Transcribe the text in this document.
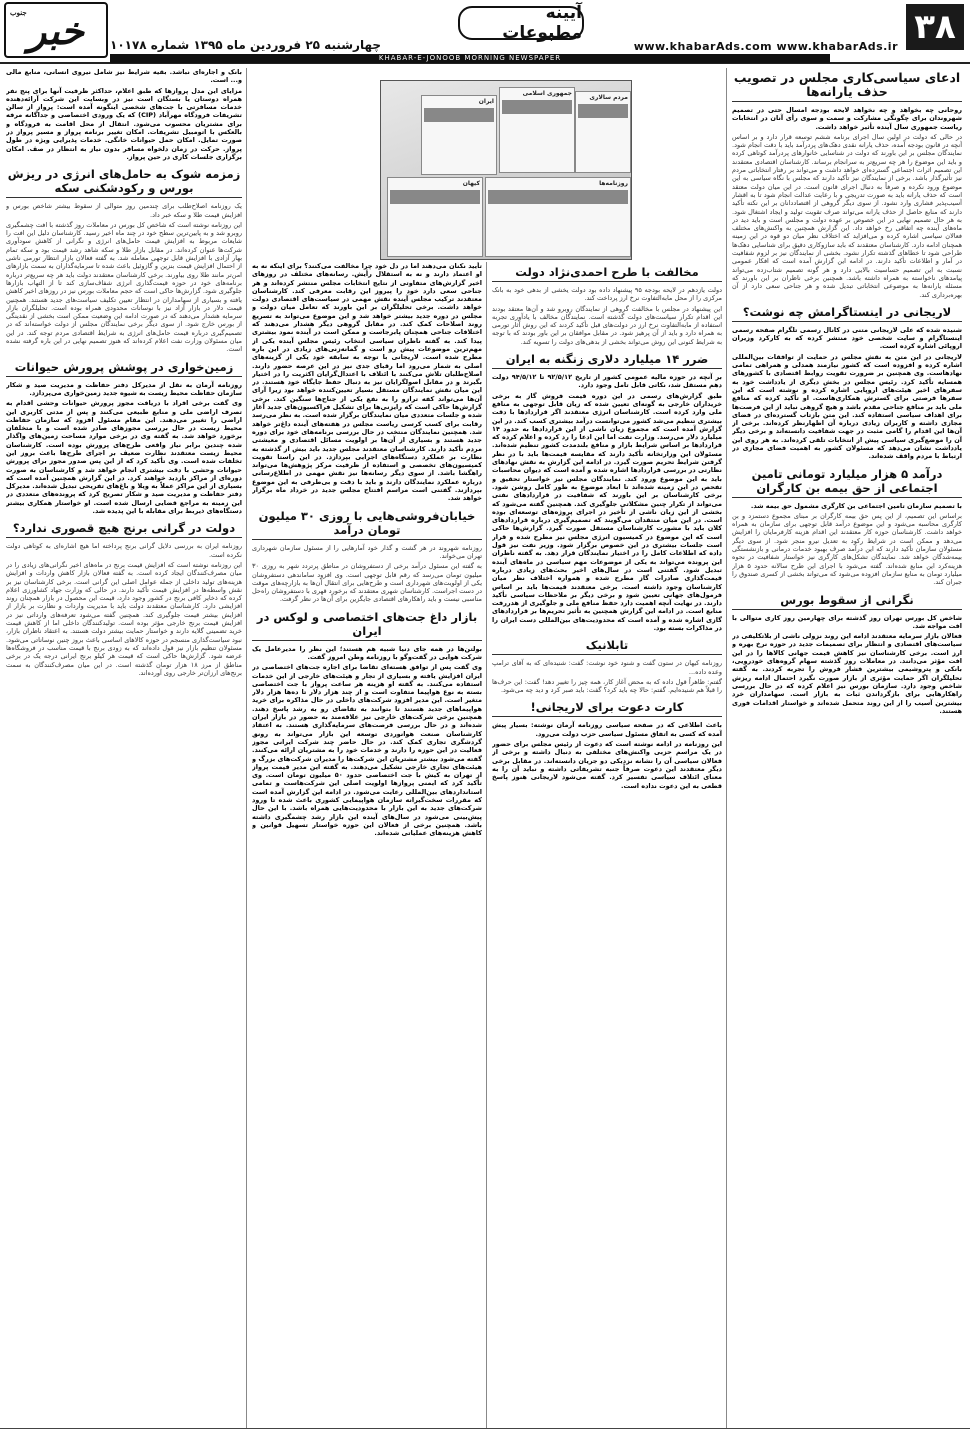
۳۸
www.khabarAds.com www.khabarAds.ir
آیینه مطبوعات
چهارشنبه ۲۵ فروردین ماه ۱۳۹۵ شماره ۱۰۱۷۸
جنوب خبر
KHABAR-E-JONOOB MORNING NEWSPAPER
ادعای سیاسی‌کاری مجلس در تصویب حذف یارانه‌ها

روحانی چه بخواهد و چه نخواهد لایحه بودجه امسال حتی در تصمیم شهروندان برای چگونگی مشارکت و سمت و سوی رأی آنان در انتخابات ریاست جمهوری سال آینده تأثیر خواهد داشت.

در حالی که دولت در اولین سال اجرای برنامه ششم توسعه قرار دارد و بر اساس آنچه در قانون بودجه آمده، حذف یارانه نقدی دهک‌های پردرآمد باید با دقت انجام شود. نمایندگان مجلس بر این باورند که دولت در شناسایی خانوارهای پردرآمد کوتاهی کرده و باید این موضوع را هر چه سریع‌تر به سرانجام برساند. کارشناسان اقتصادی معتقدند این تصمیم اثرات اجتماعی گسترده‌ای خواهد داشت و می‌تواند بر رفتار انتخاباتی مردم نیز تأثیرگذار باشد. برخی از نمایندگان نیز تأکید دارند که مجلس با نگاه سیاسی به این موضوع ورود نکرده و صرفاً به دنبال اجرای قانون است. در این میان دولت معتقد است که حذف یارانه باید به صورت تدریجی و با رعایت عدالت انجام شود تا به اقشار آسیب‌پذیر فشاری وارد نشود. از سوی دیگر گروهی از اقتصاددانان بر این نکته تأکید دارند که منابع حاصل از حذف یارانه می‌تواند صرف تقویت تولید و ایجاد اشتغال شود. به هر حال تصمیم نهایی در این خصوص بر عهده دولت و مجلس است و باید دید در ماه‌های آینده چه اتفاقی رخ خواهد داد. این گزارش همچنین به واکنش‌های مختلف فعالان سیاسی اشاره کرده و می‌افزاید که اختلاف نظر میان دو قوه در این زمینه همچنان ادامه دارد. کارشناسان معتقدند که باید سازوکاری دقیق برای شناسایی دهک‌ها طراحی شود تا خطاهای گذشته تکرار نشود. بخشی از نمایندگان نیز بر لزوم شفافیت در آمار و اطلاعات تأکید دارند. در ادامه این گزارش آمده است که افکار عمومی نسبت به این تصمیم حساسیت بالایی دارد و هر گونه تصمیم شتاب‌زده می‌تواند پیامدهای ناخواسته به همراه داشته باشد. همچنین برخی ناظران بر این باورند که مسئله یارانه‌ها به موضوعی انتخاباتی تبدیل شده و هر جناحی سعی دارد از آن بهره‌برداری کند.

لاریجانی در اینستاگرامش چه نوشت؟

شنیده شده که علی لاریجانی متنی در کانال رسمی تلگرام صفحه رسمی اینستاگرام و سایت شخصی خود منتشر کرده که به کارکرد وزیران اروپائی اشاره کرده است.

لاریجانی در این متن به نقش مجلس در حمایت از توافقات بین‌المللی اشاره کرده و افزوده است که کشور نیازمند همدلی و همراهی تمامی نهادهاست. وی همچنین بر ضرورت تقویت روابط اقتصادی با کشورهای همسایه تأکید کرد. رئیس مجلس در بخش دیگری از یادداشت خود به سفرهای اخیر هیئت‌های اروپایی اشاره کرده و نوشته است که این سفرها فرصتی برای گسترش همکاری‌هاست. او تأکید کرده که منافع ملی باید بر منافع جناحی مقدم باشد و هیچ گروهی نباید از این فرصت‌ها برای اهداف سیاسی استفاده کند. این متن بازتاب گسترده‌ای در فضای مجازی داشته و کاربران زیادی درباره آن اظهارنظر کرده‌اند. برخی از آن‌ها این اقدام را گامی مثبت در جهت شفافیت دانسته‌اند و برخی دیگر آن را موضع‌گیری سیاسی پیش از انتخابات تلقی کرده‌اند. به هر روی این یادداشت نشان می‌دهد که مسئولان کشور به اهمیت فضای مجازی در ارتباط با مردم واقف شده‌اند.

درآمد ۵ هزار میلیارد تومانی تامین اجتماعی از حق بیمه بن کارگران

با تصمیم سازمان تامین اجتماعی بن کارگری مشمول حق بیمه شد.

براساس این تصمیم، از این پس حق بیمه کارگران بر مبنای مجموع دستمزد و بن کارگری محاسبه می‌شود و این موضوع درآمد قابل توجهی برای سازمان به همراه خواهد داشت. کارشناسان حوزه کار معتقدند این اقدام هزینه کارفرمایان را افزایش می‌دهد و ممکن است در شرایط رکود به تعدیل نیرو منجر شود. از سوی دیگر مسئولان سازمان تأکید دارند که این درآمد صرف بهبود خدمات درمانی و بازنشستگی بیمه‌شدگان خواهد شد. نمایندگان تشکل‌های کارگری نیز خواستار شفافیت در نحوه هزینه‌کرد این منابع شده‌اند. گفته می‌شود با اجرای این طرح سالانه حدود ۵ هزار میلیارد تومان به منابع سازمان افزوده می‌شود که می‌تواند بخشی از کسری صندوق را جبران کند.

نگرانی از سقوط بورس

شاخص کل بورس تهران روز گذشته برای چهارمین روز کاری متوالی با افت مواجه شد.

فعالان بازار سرمایه معتقدند ادامه این روند نزولی ناشی از بلاتکلیفی در سیاست‌های اقتصادی و انتظار برای تصمیمات جدید در حوزه نرخ بهره و ارز است. برخی کارشناسان نیز کاهش قیمت جهانی کالاها را در این افت مؤثر می‌دانند. در معاملات روز گذشته سهام گروه‌های خودرویی، بانکی و پتروشیمی بیشترین فشار فروش را تجربه کردند. به گفته تحلیلگران اگر حمایت مؤثری از بازار صورت نگیرد احتمال ادامه ریزش شاخص وجود دارد. سازمان بورس نیز اعلام کرده که در حال بررسی راهکارهایی برای بازگرداندن ثبات به بازار است. سهامداران خرد بیشترین آسیب را از این روند متحمل شده‌اند و خواستار اقدامات فوری هستند.

مخالفت با طرح احمدی‌نژاد دولت

دولت یازدهم در لایحه بودجه ۹۵ پیشنهاد داده بود دولت یخشی از بدهی خود به بانک مرکزی را از محل مابه‌التفاوت نرخ ارز پرداخت کند.

این پیشنهاد در مجلس با مخالفت گروهی از نمایندگان روبرو شد و آن‌ها معتقد بودند این اقدام تکرار سیاست‌های دولت گذشته است. نمایندگان مخالف با یادآوری تجربه استفاده از مابه‌التفاوت نرخ ارز در دولت‌های قبل تأکید کردند که این روش آثار تورمی به همراه دارد و باید از آن پرهیز شود. در مقابل موافقان بر این باور بودند که با توجه به شرایط کنونی این روش می‌تواند بخشی از بدهی‌های دولت را تسویه کند.

ضرر ۱۴ میلیارد دلاری زنگنه به ایران

بر آنچه در حوزه مالیه عمومی کشور از تاریخ ۹۲/۵/۱۲ تا ۹۴/۵/۱۲ دولت دهم مستقل شد، نکاتی قابل تامل وجود دارد.

طبق گزارش‌های رسمی در این دوره قیمت فروش گاز به برخی خریداران خارجی به گونه‌ای تعیین شده که زیان قابل توجهی به منافع ملی وارد کرده است. کارشناسان انرژی معتقدند اگر قراردادها با دقت بیشتری تنظیم می‌شد کشور می‌توانست درآمد بیشتری کسب کند. در این گزارش آمده است که مجموع زیان ناشی از این قراردادها به حدود ۱۴ میلیارد دلار می‌رسد. وزارت نفت اما این ادعا را رد کرده و اعلام کرده که قراردادها بر اساس شرایط بازار و منافع بلندمدت کشور تنظیم شده‌اند. مسئولان این وزارتخانه تأکید دارند که مقایسه قیمت‌ها باید با در نظر گرفتن شرایط تحریم صورت گیرد. در ادامه این گزارش به نقش نهادهای نظارتی در بررسی قراردادها اشاره شده و آمده است که دیوان محاسبات باید به این موضوع ورود کند. نمایندگان مجلس نیز خواستار تحقیق و تفحص در این زمینه شده‌اند تا ابعاد موضوع به طور کامل روشن شود. برخی کارشناسان بر این باورند که شفافیت در قراردادهای نفتی می‌تواند از تکرار چنین مشکلاتی جلوگیری کند. همچنین گفته می‌شود که بخشی از این زیان ناشی از تأخیر در اجرای پروژه‌های توسعه‌ای بوده است. در این میان منتقدان می‌گویند که تصمیم‌گیری درباره قراردادهای کلان باید با مشورت کارشناسان مستقل صورت گیرد. گزارش‌ها حاکی است که این موضوع در کمیسیون انرژی مجلس نیز مطرح شده و قرار است جلسات بیشتری در این خصوص برگزار شود. وزیر نفت نیز قول داده که اطلاعات کامل را در اختیار نمایندگان قرار دهد. به گفته ناظران این پرونده می‌تواند به یکی از موضوعات مهم سیاسی در ماه‌های آینده تبدیل شود. گفتنی است در سال‌های اخیر بحث‌های زیادی درباره قیمت‌گذاری صادرات گاز مطرح شده و همواره اختلاف نظر میان کارشناسان وجود داشته است. برخی معتقدند قیمت‌ها باید بر اساس فرمول‌های جهانی تعیین شود و برخی دیگر بر ملاحظات سیاسی تأکید دارند. در نهایت آنچه اهمیت دارد حفظ منافع ملی و جلوگیری از هدررفت منابع است. در ادامه این گزارش همچنین به تأثیر تحریم‌ها بر قراردادهای گازی اشاره شده و آمده است که محدودیت‌های بین‌المللی دست ایران را در مذاکرات بسته بود.

تابلانیک

روزنامه کیهان در ستون گفت و شنود خود نوشت: گفت: شنیده‌ای که به آقای ترامپ وعده داده...

گفتم: ظاهراً قول داده که به محض آغاز کار، همه چیز را تغییر دهد! گفت: این حرف‌ها را قبلاً هم شنیده‌ایم. گفتم: حالا چه باید کرد؟ گفت: باید صبر کرد و دید چه می‌شود.

کارت دعوت برای لاریجانی!

باعث اطلاعی که در صفحه سیاسی روزنامه آرمان نوشته: بسیار پیش آمده که کسی به اتفاق مسئول سیاسی حزب دولت می‌رود.

این روزنامه در ادامه نوشته است که دعوت از رئیس مجلس برای حضور در یک مراسم حزبی واکنش‌های مختلفی به دنبال داشته و برخی از فعالان سیاسی آن را نشانه نزدیکی دو جریان دانسته‌اند. در مقابل برخی دیگر معتقدند این دعوت صرفاً جنبه تشریفاتی داشته و نباید آن را به معنای ائتلاف سیاسی تفسیر کرد. گفته می‌شود لاریجانی هنوز پاسخ قطعی به این دعوت نداده است.

جمهوری اسلامی
ایران
مردم سالاری
کیهان	روزنامه‌ها

تأیید نکنان می‌دهند اما در دل خود چرا مخالفت می‌کنند؟ برای اینکه نه به او اعتماد دارند و نه به استقلال رأیش. رسانه‌های مختلف در روزهای اخیر گزارش‌های متفاوتی از نتایج انتخابات مجلس منتشر کرده‌اند و هر جناحی سعی دارد خود را پیروز این رقابت معرفی کند. کارشناسان معتقدند ترکیب مجلس آینده نقش مهمی در سیاست‌های اقتصادی دولت خواهد داشت. برخی تحلیلگران بر این باورند که تعامل میان دولت و مجلس در دوره جدید بیشتر خواهد شد و این موضوع می‌تواند به تسریع روند اصلاحات کمک کند. در مقابل گروهی دیگر هشدار می‌دهند که اختلافات جناحی همچنان پابرجاست و ممکن است در آینده نمود بیشتری پیدا کند. به گفته ناظران سیاسی انتخاب رئیس مجلس آینده یکی از مهم‌ترین موضوعات پیش رو است و گمانه‌زنی‌های زیادی در این باره مطرح شده است. لاریجانی با توجه به سابقه خود یکی از گزینه‌های اصلی به شمار می‌رود اما رقبای جدی نیز در این عرصه حضور دارند. اصلاح‌طلبان تلاش می‌کنند با ائتلاف با اعتدال‌گرایان اکثریت را در اختیار بگیرند و در مقابل اصولگرایان نیز به دنبال حفظ جایگاه خود هستند. در این میان نقش نمایندگان مستقل بسیار تعیین‌کننده خواهد بود زیرا آرای آن‌ها می‌تواند کفه ترازو را به نفع یکی از جناح‌ها سنگین کند. برخی گزارش‌ها حاکی است که رایزنی‌ها برای تشکیل فراکسیون‌های جدید آغاز شده و جلسات متعددی میان نمایندگان برگزار شده است. به نظر می‌رسد رقابت برای کسب کرسی ریاست مجلس در هفته‌های آینده داغ‌تر خواهد شد. همچنین نمایندگان منتخب در حال بررسی برنامه‌های خود برای دوره جدید هستند و بسیاری از آن‌ها بر اولویت مسائل اقتصادی و معیشتی مردم تأکید دارند. کارشناسان معتقدند مجلس جدید باید بیش از گذشته به نظارت بر عملکرد دستگاه‌های اجرایی بپردازد. در این راستا تقویت کمیسیون‌های تخصصی و استفاده از ظرفیت مرکز پژوهش‌ها می‌تواند راهگشا باشد. از سوی دیگر رسانه‌ها نیز نقش مهمی در اطلاع‌رسانی درباره عملکرد نمایندگان دارند و باید با دقت و بی‌طرفی به این موضوع بپردازند. گفتنی است مراسم افتتاح مجلس جدید در خرداد ماه برگزار خواهد شد.

خیابان‌فروشی‌هایی با روزی ۳۰ میلیون تومان درآمد

روزنامه شهروند در هر گشت و گذار خود آمارهایی را از مسئول سازمان شهرداری تهران می‌خواند.

به گفته این مسئول درآمد برخی از دستفروشان در مناطق پرتردد شهر به روزی ۳۰ میلیون تومان می‌رسد که رقم قابل توجهی است. وی افزود ساماندهی دستفروشان یکی از اولویت‌های شهرداری است و طرح‌هایی برای انتقال آن‌ها به بازارچه‌های موقت در دست اجراست. کارشناسان شهری معتقدند که برخورد قهری با دستفروشان راه‌حل مناسبی نیست و باید راهکارهای اقتصادی جایگزین برای آن‌ها در نظر گرفت.

بازار داغ جت‌های اختصاصی و لوکس در ایران

بولتن‌ها در همه جای دنیا شبیه هم هستند؛ این نظر را مدیرعامل یک شرکت هوایی در گفت‌وگو با روزنامه وطن امروز گفت.

وی گفت پس از توافق هسته‌ای تقاضا برای اجاره جت‌های اختصاصی در ایران افزایش یافته و بسیاری از تجار و هیئت‌های خارجی از این خدمات استفاده می‌کنند. به گفته او هزینه هر ساعت پرواز با جت اختصاصی بسته به نوع هواپیما متفاوت است و از چند هزار دلار تا ده‌ها هزار دلار متغیر است. این مدیر افزود شرکت‌های داخلی در حال مذاکره برای خرید هواپیماهای جدید هستند تا بتوانند به تقاضای رو به رشد پاسخ دهند. همچنین برخی شرکت‌های خارجی نیز علاقه‌مند به حضور در بازار ایران شده‌اند و در حال بررسی فرصت‌های سرمایه‌گذاری هستند. به اعتقاد کارشناسان صنعت هوانوردی توسعه این بازار می‌تواند به رونق گردشگری تجاری کمک کند. در حال حاضر چند شرکت ایرانی مجوز فعالیت در این حوزه را دارند و خدمات خود را به مشتریان ارائه می‌کنند. گفته می‌شود بیشتر مشتریان این شرکت‌ها را مدیران شرکت‌های بزرگ و هیئت‌های تجاری خارجی تشکیل می‌دهند. به گفته این مدیر قیمت پرواز از تهران به کیش با جت اختصاصی حدود ۵۰ میلیون تومان است. وی تأکید کرد که ایمنی پروازها اولویت اصلی این شرکت‌هاست و تمامی استانداردهای بین‌المللی رعایت می‌شود. در ادامه این گزارش آمده است که مقررات سخت‌گیرانه سازمان هواپیمایی کشوری باعث شده تا ورود شرکت‌های جدید به این بازار با محدودیت‌هایی همراه باشد. با این حال پیش‌بینی می‌شود در سال‌های آینده این بازار رشد چشمگیری داشته باشد. همچنین برخی از فعالان این حوزه خواستار تسهیل قوانین و کاهش هزینه‌های عملیاتی شده‌اند.

بانک و اجاره‌ای نباشد. بقیه شرایط نیز شامل نیروی انسانی، منابع مالی و... است.

مزایای این مدل پروازها که طبق اعلام، حداکثر ظرفیت آنها برای پنج نفر همراه دوستان یا بستگان است نیز در وبسایت این شرکت آرائه‌دهنده خدمات مسافرتی با جت‌های شخصی اینگونه آمده است: پرواز از سالن تشریفات فرودگاه مهرآباد (CIP) که یک ورودی اختصاصی و جداگانه مرفه برای مشتریان محسوب می‌شود. انتقال از محل اقامت به فرودگاه و بالعکس با اتومبیل تشریفات. امکان تغییر برنامه پرواز و مسیر پرواز در صورت تمایل. امکان حمل حیوانات خانگی. خدمات پذیرایی ویژه در طول پرواز. حرکت در زمان دلخواه مسافر بدون نیاز به انتظار در صف. امکان برگزاری جلسات کاری در حین پرواز.

زمزمه شوک به حامل‌های انرژی در ریزش بورس و رکودشکنی سکه

یک روزنامه اصلاح‌طلب برای چندمین روز متوالی از سقوط بیشتر شاخص بورس و افزایش قیمت طلا و سکه خبر داد.

این روزنامه نوشته است که شاخص کل بورس در معاملات روز گذشته با افت چشمگیری روبرو شد و به پایین‌ترین سطح خود در چند ماه اخیر رسید. کارشناسان دلیل این افت را شایعات مربوط به افزایش قیمت حامل‌های انرژی و نگرانی از کاهش سودآوری شرکت‌ها عنوان کرده‌اند. در مقابل بازار طلا و سکه شاهد رشد قیمت بود و سکه تمام بهار آزادی با افزایش قابل توجهی معامله شد. به گفته فعالان بازار انتظار تورمی ناشی از احتمال افزایش قیمت بنزین و گازوئیل باعث شده تا سرمایه‌گذاران به سمت بازارهای امن‌تر مانند طلا روی بیاورند. برخی کارشناسان معتقدند دولت باید هر چه سریع‌تر درباره برنامه‌های خود در حوزه قیمت‌گذاری انرژی شفاف‌سازی کند تا از التهاب بازارها جلوگیری شود. گزارش‌ها حاکی است که حجم معاملات بورس نیز در روزهای اخیر کاهش یافته و بسیاری از سهامداران در انتظار تعیین تکلیف سیاست‌های جدید هستند. همچنین قیمت دلار در بازار آزاد نیز با نوسانات محدودی همراه بوده است. تحلیلگران بازار سرمایه هشدار می‌دهند که در صورت ادامه این وضعیت ممکن است بخشی از نقدینگی از بورس خارج شود. از سوی دیگر برخی نمایندگان مجلس از دولت خواسته‌اند که در تصمیم‌گیری درباره قیمت حامل‌های انرژی به شرایط اقتصادی مردم توجه کند. در این میان مسئولان وزارت نفت اعلام کرده‌اند که هنوز تصمیم نهایی در این باره گرفته نشده است.

زمین‌خواری در پوشش پرورش حیوانات

روزنامه آرمان به نقل از مدیرکل دفتر حفاظت و مدیریت صید و شکار سازمان حفاظت محیط زیست به شیوه جدید زمین‌خواری می‌پردازد.

وی گفت برخی افراد با دریافت مجوز پرورش حیوانات وحشی اقدام به تصرف اراضی ملی و منابع طبیعی می‌کنند و پس از مدتی کاربری این اراضی را تغییر می‌دهند. این مقام مسئول افزود که سازمان حفاظت محیط زیست در حال بررسی مجوزهای صادر شده است و با متخلفان برخورد خواهد شد. به گفته وی در برخی موارد مساحت زمین‌های واگذار شده چندین برابر نیاز واقعی طرح‌های پرورش بوده است. کارشناسان محیط زیست معتقدند نظارت ضعیف بر اجرای طرح‌ها باعث بروز این تخلفات شده است. وی تأکید کرد که از این پس صدور مجوز برای پرورش حیوانات وحشی با دقت بیشتری انجام خواهد شد و کارشناسان به صورت دوره‌ای از مراکز بازدید خواهند کرد. در این گزارش همچنین آمده است که بسیاری از این مراکز عملاً به ویلا و باغ‌های تفریحی تبدیل شده‌اند. مدیرکل دفتر حفاظت و مدیریت صید و شکار تصریح کرد که پرونده‌های متعددی در این زمینه به مراجع قضایی ارسال شده است. او خواستار همکاری بیشتر دستگاه‌های ذیربط برای مقابله با این پدیده شد.

دولت در گرانی برنج هیچ قصوری ندارد؟

روزنامه ایران به بررسی دلایل گرانی برنج پرداخته اما هیچ اشاره‌ای به کوتاهی دولت نکرده است.

این روزنامه نوشته است که افزایش قیمت برنج در ماه‌های اخیر نگرانی‌های زیادی را در میان مصرف‌کنندگان ایجاد کرده است. به گفته فعالان بازار کاهش واردات و افزایش هزینه‌های تولید داخلی از جمله عوامل اصلی این گرانی است. برخی کارشناسان نیز بر نقش واسطه‌ها در افزایش قیمت تأکید دارند. در حالی که وزارت جهاد کشاورزی اعلام کرده که ذخایر کافی برنج در کشور وجود دارد، قیمت این محصول در بازار همچنان روند افزایشی دارد. کارشناسان معتقدند دولت باید با مدیریت واردات و نظارت بر بازار از افزایش بیشتر قیمت جلوگیری کند. همچنین گفته می‌شود تعرفه‌های وارداتی نیز در افزایش قیمت برنج خارجی مؤثر بوده است. تولیدکنندگان داخلی اما از کاهش قیمت خرید تضمینی گلایه دارند و خواستار حمایت بیشتر دولت هستند. به اعتقاد ناظران بازار، نبود سیاست‌گذاری منسجم در حوزه کالاهای اساسی باعث بروز چنین نوساناتی می‌شود. مسئولان تنظیم بازار نیز قول داده‌اند که به زودی برنج با قیمت مناسب در فروشگاه‌ها عرضه شود. گزارش‌ها حاکی است که قیمت هر کیلو برنج ایرانی درجه یک در برخی مناطق از مرز ۱۸ هزار تومان گذشته است. در این میان مصرف‌کنندگان به سمت برنج‌های ارزان‌تر خارجی روی آورده‌اند.
